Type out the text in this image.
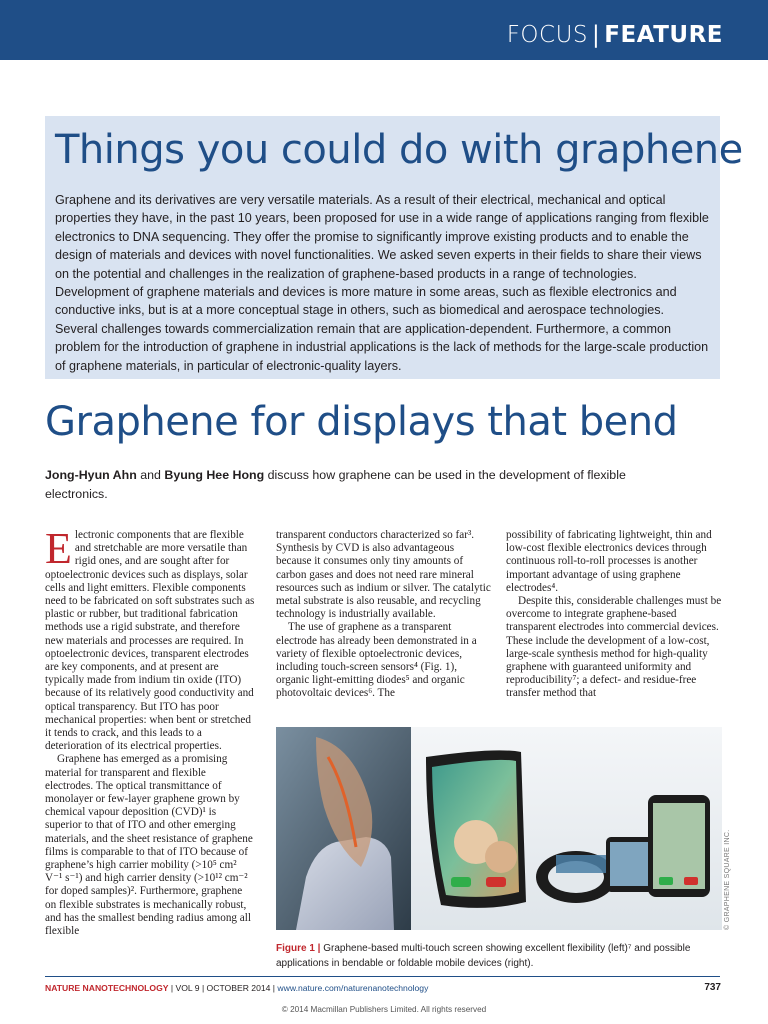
FOCUS | FEATURE
Things you could do with graphene
Graphene and its derivatives are very versatile materials. As a result of their electrical, mechanical and optical properties they have, in the past 10 years, been proposed for use in a wide range of applications ranging from flexible electronics to DNA sequencing. They offer the promise to significantly improve existing products and to enable the design of materials and devices with novel functionalities. We asked seven experts in their fields to share their views on the potential and challenges in the realization of graphene-based products in a range of technologies. Development of graphene materials and devices is more mature in some areas, such as flexible electronics and conductive inks, but is at a more conceptual stage in others, such as biomedical and aerospace technologies. Several challenges towards commercialization remain that are application-dependent. Furthermore, a common problem for the introduction of graphene in industrial applications is the lack of methods for the large-scale production of graphene materials, in particular of electronic-quality layers.
Graphene for displays that bend
Jong-Hyun Ahn and Byung Hee Hong discuss how graphene can be used in the development of flexible electronics.

Electronic components that are flexible and stretchable are more versatile than rigid ones, and are sought after for optoelectronic devices such as displays, solar cells and light emitters. Flexible components need to be fabricated on soft substrates such as plastic or rubber, but traditional fabrication methods use a rigid substrate, and therefore new materials and processes are required. In optoelectronic devices, transparent electrodes are key components, and at present are typically made from indium tin oxide (ITO) because of its relatively good conductivity and optical transparency. But ITO has poor mechanical properties: when bent or stretched it tends to crack, and this leads to a deterioration of its electrical properties.

Graphene has emerged as a promising material for transparent and flexible electrodes. The optical transmittance of monolayer or few-layer graphene grown by chemical vapour deposition (CVD)¹ is superior to that of ITO and other emerging materials, and the sheet resistance of graphene films is comparable to that of ITO because of graphene’s high carrier mobility (>10⁵ cm² V⁻¹ s⁻¹) and high carrier density (>10¹² cm⁻² for doped samples)². Furthermore, graphene on flexible substrates is mechanically robust, and has the smallest bending radius among all flexible

transparent conductors characterized so far³. Synthesis by CVD is also advantageous because it consumes only tiny amounts of carbon gases and does not need rare mineral resources such as indium or silver. The catalytic metal substrate is also reusable, and recycling technology is industrially available.

The use of graphene as a transparent electrode has already been demonstrated in a variety of flexible optoelectronic devices, including touch-screen sensors⁴ (Fig. 1), organic light-emitting diodes⁵ and organic photovoltaic devices⁶. The

possibility of fabricating lightweight, thin and low-cost flexible electronics devices through continuous roll-to-roll processes is another important advantage of using graphene electrodes⁴.

Despite this, considerable challenges must be overcome to integrate graphene-based transparent electrodes into commercial devices. These include the development of a low-cost, large-scale synthesis method for high-quality graphene with guaranteed uniformity and reproducibility⁷; a defect- and residue-free transfer method that

© GRAPHENE SQUARE INC.
Figure 1 | Graphene-based multi-touch screen showing excellent flexibility (left)⁷ and possible applications in bendable or foldable mobile devices (right).
NATURE NANOTECHNOLOGY | VOL 9 | OCTOBER 2014 | www.nature.com/naturenanotechnology	737
© 2014 Macmillan Publishers Limited. All rights reserved
